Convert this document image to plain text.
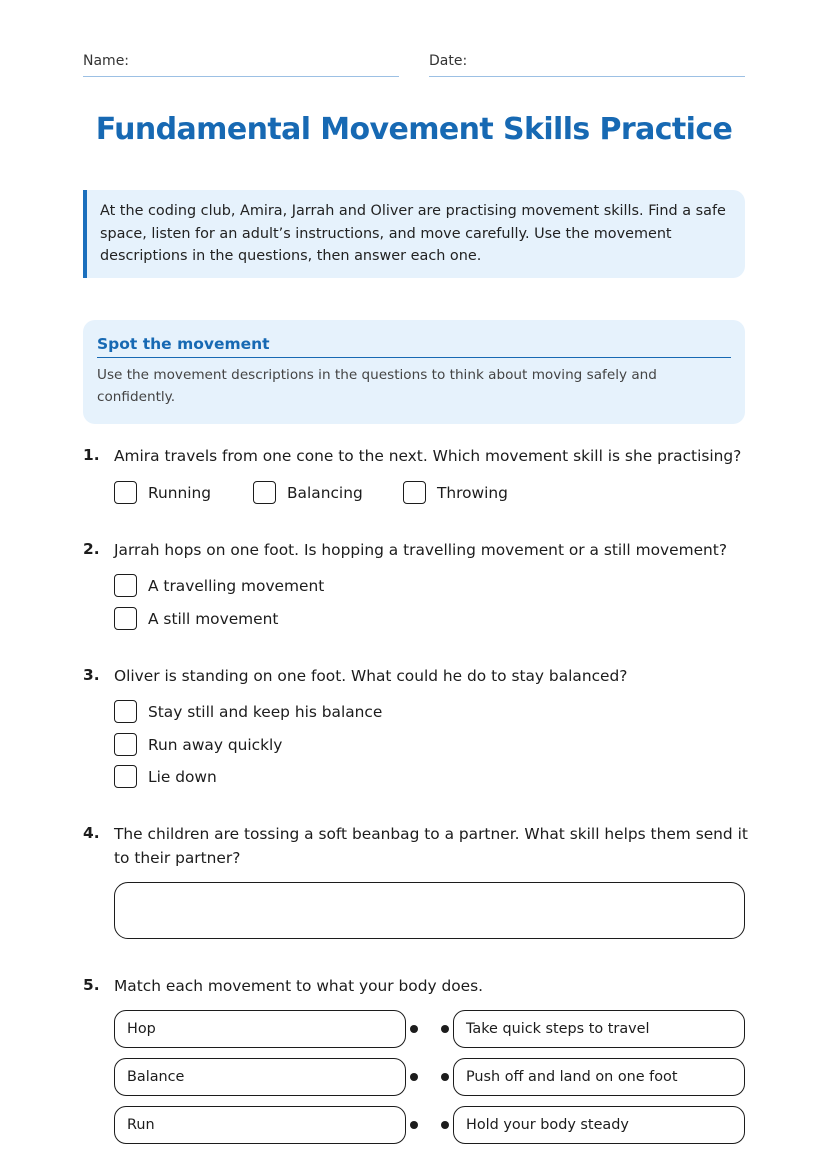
Name:	Date:
Fundamental Movement Skills Practice
At the coding club, Amira, Jarrah and Oliver are practising movement skills. Find a safe space, listen for an adult’s instructions, and move carefully. Use the movement descriptions in the questions, then answer each one.
Spot the movement
Use the movement descriptions in the questions to think about moving safely and confidently.
1. Amira travels from one cone to the next. Which movement skill is she practising?
Running	Balancing	Throwing
2. Jarrah hops on one foot. Is hopping a travelling movement or a still movement?
A travelling movement
A still movement
3. Oliver is standing on one foot. What could he do to stay balanced?
Stay still and keep his balance
Run away quickly
Lie down
4. The children are tossing a soft beanbag to a partner. What skill helps them send it
to their partner?
5. Match each movement to what your body does.
Hop	Take quick steps to travel
Balance	Push off and land on one foot
Run	Hold your body steady
